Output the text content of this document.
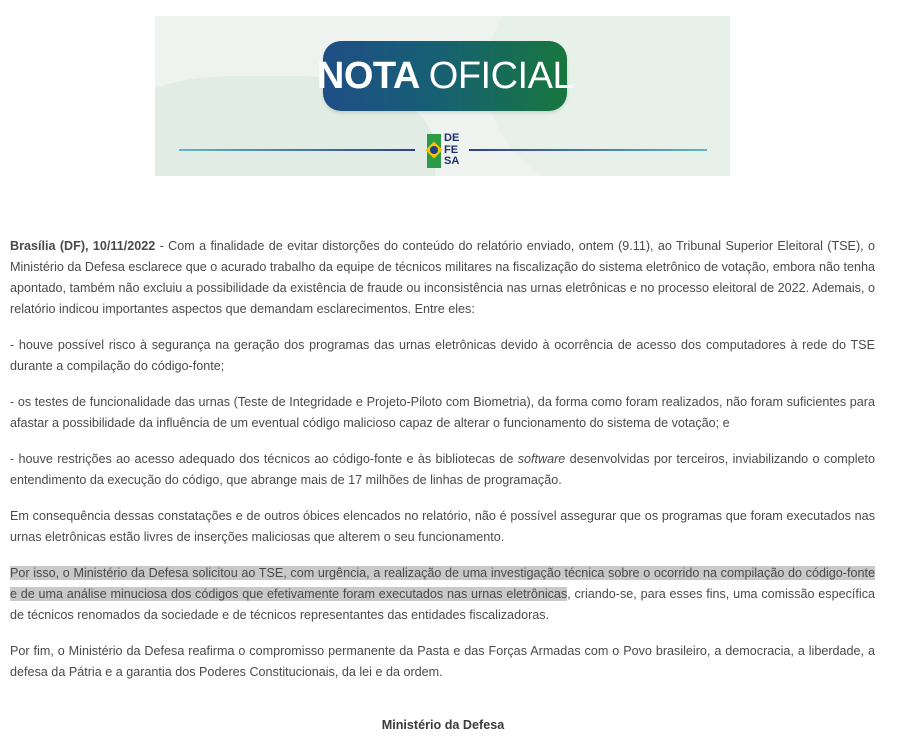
NOTA OFICIAL
DE
FE
SA

Brasília (DF), 10/11/2022 - Com a finalidade de evitar distorções do conteúdo do relatório enviado, ontem (9.11), ao Tribunal Superior Eleitoral (TSE), o Ministério da Defesa esclarece que o acurado trabalho da equipe de técnicos militares na fiscalização do sistema eletrônico de votação, embora não tenha apontado, também não excluiu a possibilidade da existência de fraude ou inconsistência nas urnas eletrônicas e no processo eleitoral de 2022. Ademais, o relatório indicou importantes aspectos que demandam esclarecimentos. Entre eles:

- houve possível risco à segurança na geração dos programas das urnas eletrônicas devido à ocorrência de acesso dos computadores à rede do TSE durante a compilação do código-fonte;

- os testes de funcionalidade das urnas (Teste de Integridade e Projeto-Piloto com Biometria), da forma como foram realizados, não foram suficientes para afastar a possibilidade da influência de um eventual código malicioso capaz de alterar o funcionamento do sistema de votação; e

- houve restrições ao acesso adequado dos técnicos ao código-fonte e às bibliotecas de software desenvolvidas por terceiros, inviabilizando o completo entendimento da execução do código, que abrange mais de 17 milhões de linhas de programação.

Em consequência dessas constatações e de outros óbices elencados no relatório, não é possível assegurar que os programas que foram executados nas urnas eletrônicas estão livres de inserções maliciosas que alterem o seu funcionamento.

Por isso, o Ministério da Defesa solicitou ao TSE, com urgência, a realização de uma investigação técnica sobre o ocorrido na compilação do código-fonte e de uma análise minuciosa dos códigos que efetivamente foram executados nas urnas eletrônicas, criando-se, para esses fins, uma comissão específica de técnicos renomados da sociedade e de técnicos representantes das entidades fiscalizadoras.

Por fim, o Ministério da Defesa reafirma o compromisso permanente da Pasta e das Forças Armadas com o Povo brasileiro, a democracia, a liberdade, a defesa da Pátria e a garantia dos Poderes Constitucionais, da lei e da ordem.

Ministério da Defesa
